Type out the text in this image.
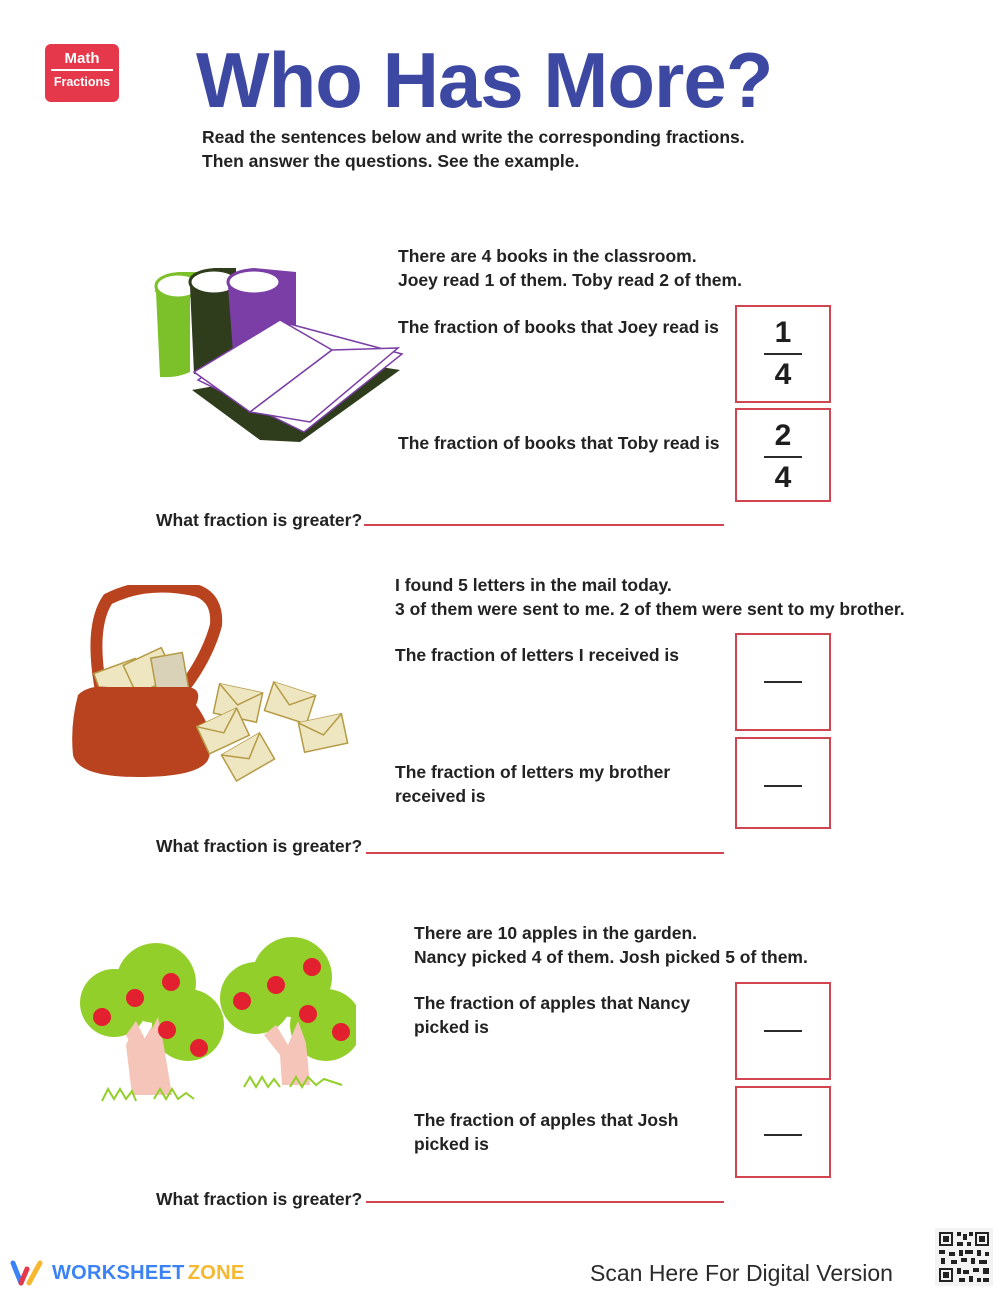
Math
Fractions Who Has More?
Read the sentences below and write the corresponding fractions.
Then answer the questions. See the example.
There are 4 books in the classroom.
Joey read 1 of them. Toby read 2 of them.
The fraction of books that Joey read is
The fraction of books that Toby read is
1
4
2
4
What fraction is greater?
I found 5 letters in the mail today.
3 of them were sent to me. 2 of them were sent to my brother.
The fraction of letters I received is
The fraction of letters my brother received is
What fraction is greater?
There are 10 apples in the garden.
Nancy picked 4 of them. Josh picked 5 of them.
The fraction of apples that Nancy picked is
The fraction of apples that Josh picked is
What fraction is greater?
WORKSHEET ZONE	Scan Here For Digital Version
